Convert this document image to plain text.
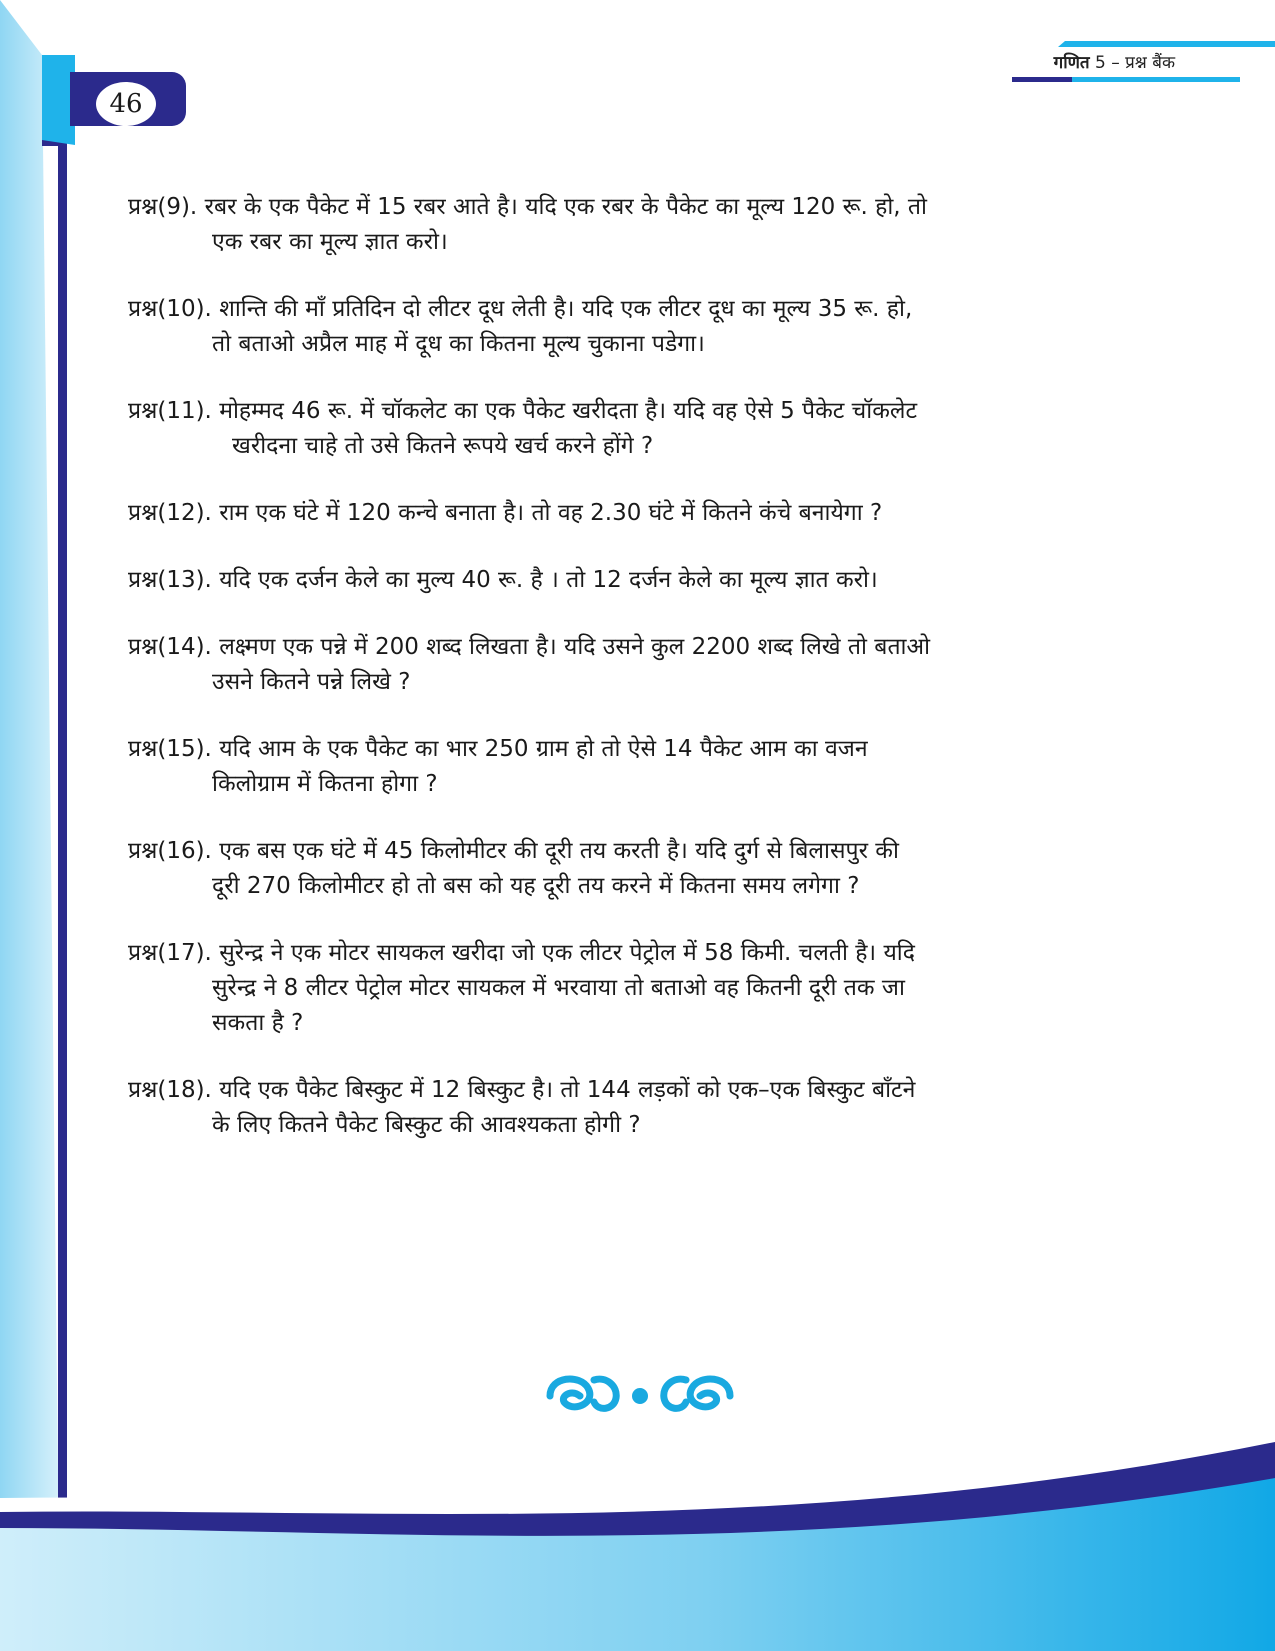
गणित 5 – प्रश्न बैंक
46

प्रश्न(9). रबर के एक पैकेट में 15 रबर आते है। यदि एक रबर के पैकेट का मूल्य 120 रू. हो, तो

एक रबर का मूल्य ज्ञात करो।

प्रश्न(10). शान्ति की माँ प्रतिदिन दो लीटर दूध लेती है। यदि एक लीटर दूध का मूल्य 35 रू. हो,

तो बताओ अप्रैल माह में दूध का कितना मूल्य चुकाना पडेगा।

प्रश्न(11). मोहम्मद 46 रू. में चॉकलेट का एक पैकेट खरीदता है। यदि वह ऐसे 5 पैकेट चॉकलेट

खरीदना चाहे तो उसे कितने रूपये खर्च करने होंगे ?

प्रश्न(12). राम एक घंटे में 120 कन्चे बनाता है। तो वह 2.30 घंटे में कितने कंचे बनायेगा ?

प्रश्न(13). यदि एक दर्जन केले का मुल्य 40 रू. है । तो 12 दर्जन केले का मूल्य ज्ञात करो।

प्रश्न(14). लक्ष्मण एक पन्ने में 200 शब्द लिखता है। यदि उसने कुल 2200 शब्द लिखे तो बताओ

उसने कितने पन्ने लिखे ?

प्रश्न(15). यदि आम के एक पैकेट का भार 250 ग्राम हो तो ऐसे 14 पैकेट आम का वजन

किलोग्राम में कितना होगा ?

प्रश्न(16). एक बस एक घंटे में 45 किलोमीटर की दूरी तय करती है। यदि दुर्ग से बिलासपुर की

दूरी 270 किलोमीटर हो तो बस को यह दूरी तय करने में कितना समय लगेगा ?

प्रश्न(17). सुरेन्द्र ने एक मोटर सायकल खरीदा जो एक लीटर पेट्रोल में 58 किमी. चलती है। यदि

सुरेन्द्र ने 8 लीटर पेट्रोल मोटर सायकल में भरवाया तो बताओ वह कितनी दूरी तक जा

सकता है ?

प्रश्न(18). यदि एक पैकेट बिस्कुट में 12 बिस्कुट है। तो 144 लड़कों को एक–एक बिस्कुट बाँटने

के लिए कितने पैकेट बिस्कुट की आवश्यकता होगी ?
